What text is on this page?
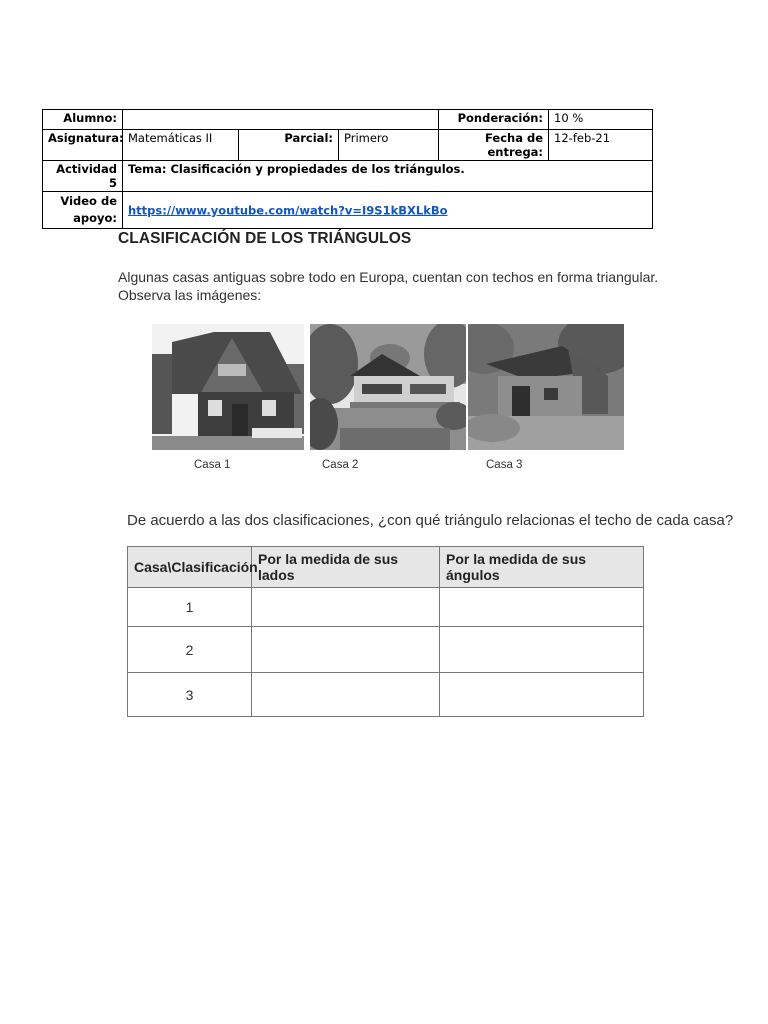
Alumno:				Ponderación:	10 %
Asignatura:	Matemáticas II	Parcial:	Primero	Fecha de entrega:	12-feb-21
Actividad 5	Tema: Clasificación y propiedades de los triángulos.				

Video de
apoyo:	https://www.youtube.com/watch?v=I9S1kBXLkBo				
CLASIFICACIÓN DE LOS TRIÁNGULOS
Algunas casas antiguas sobre todo en Europa, cuentan con techos en forma triangular. Observa las imágenes:
Casa 1	Casa 2	Casa 3
De acuerdo a las dos clasificaciones, ¿con qué triángulo relacionas el techo de cada casa?
Casa\Clasificación	Por la medida de sus lados	Por la medida de sus ángulos
1		
2		
3		
